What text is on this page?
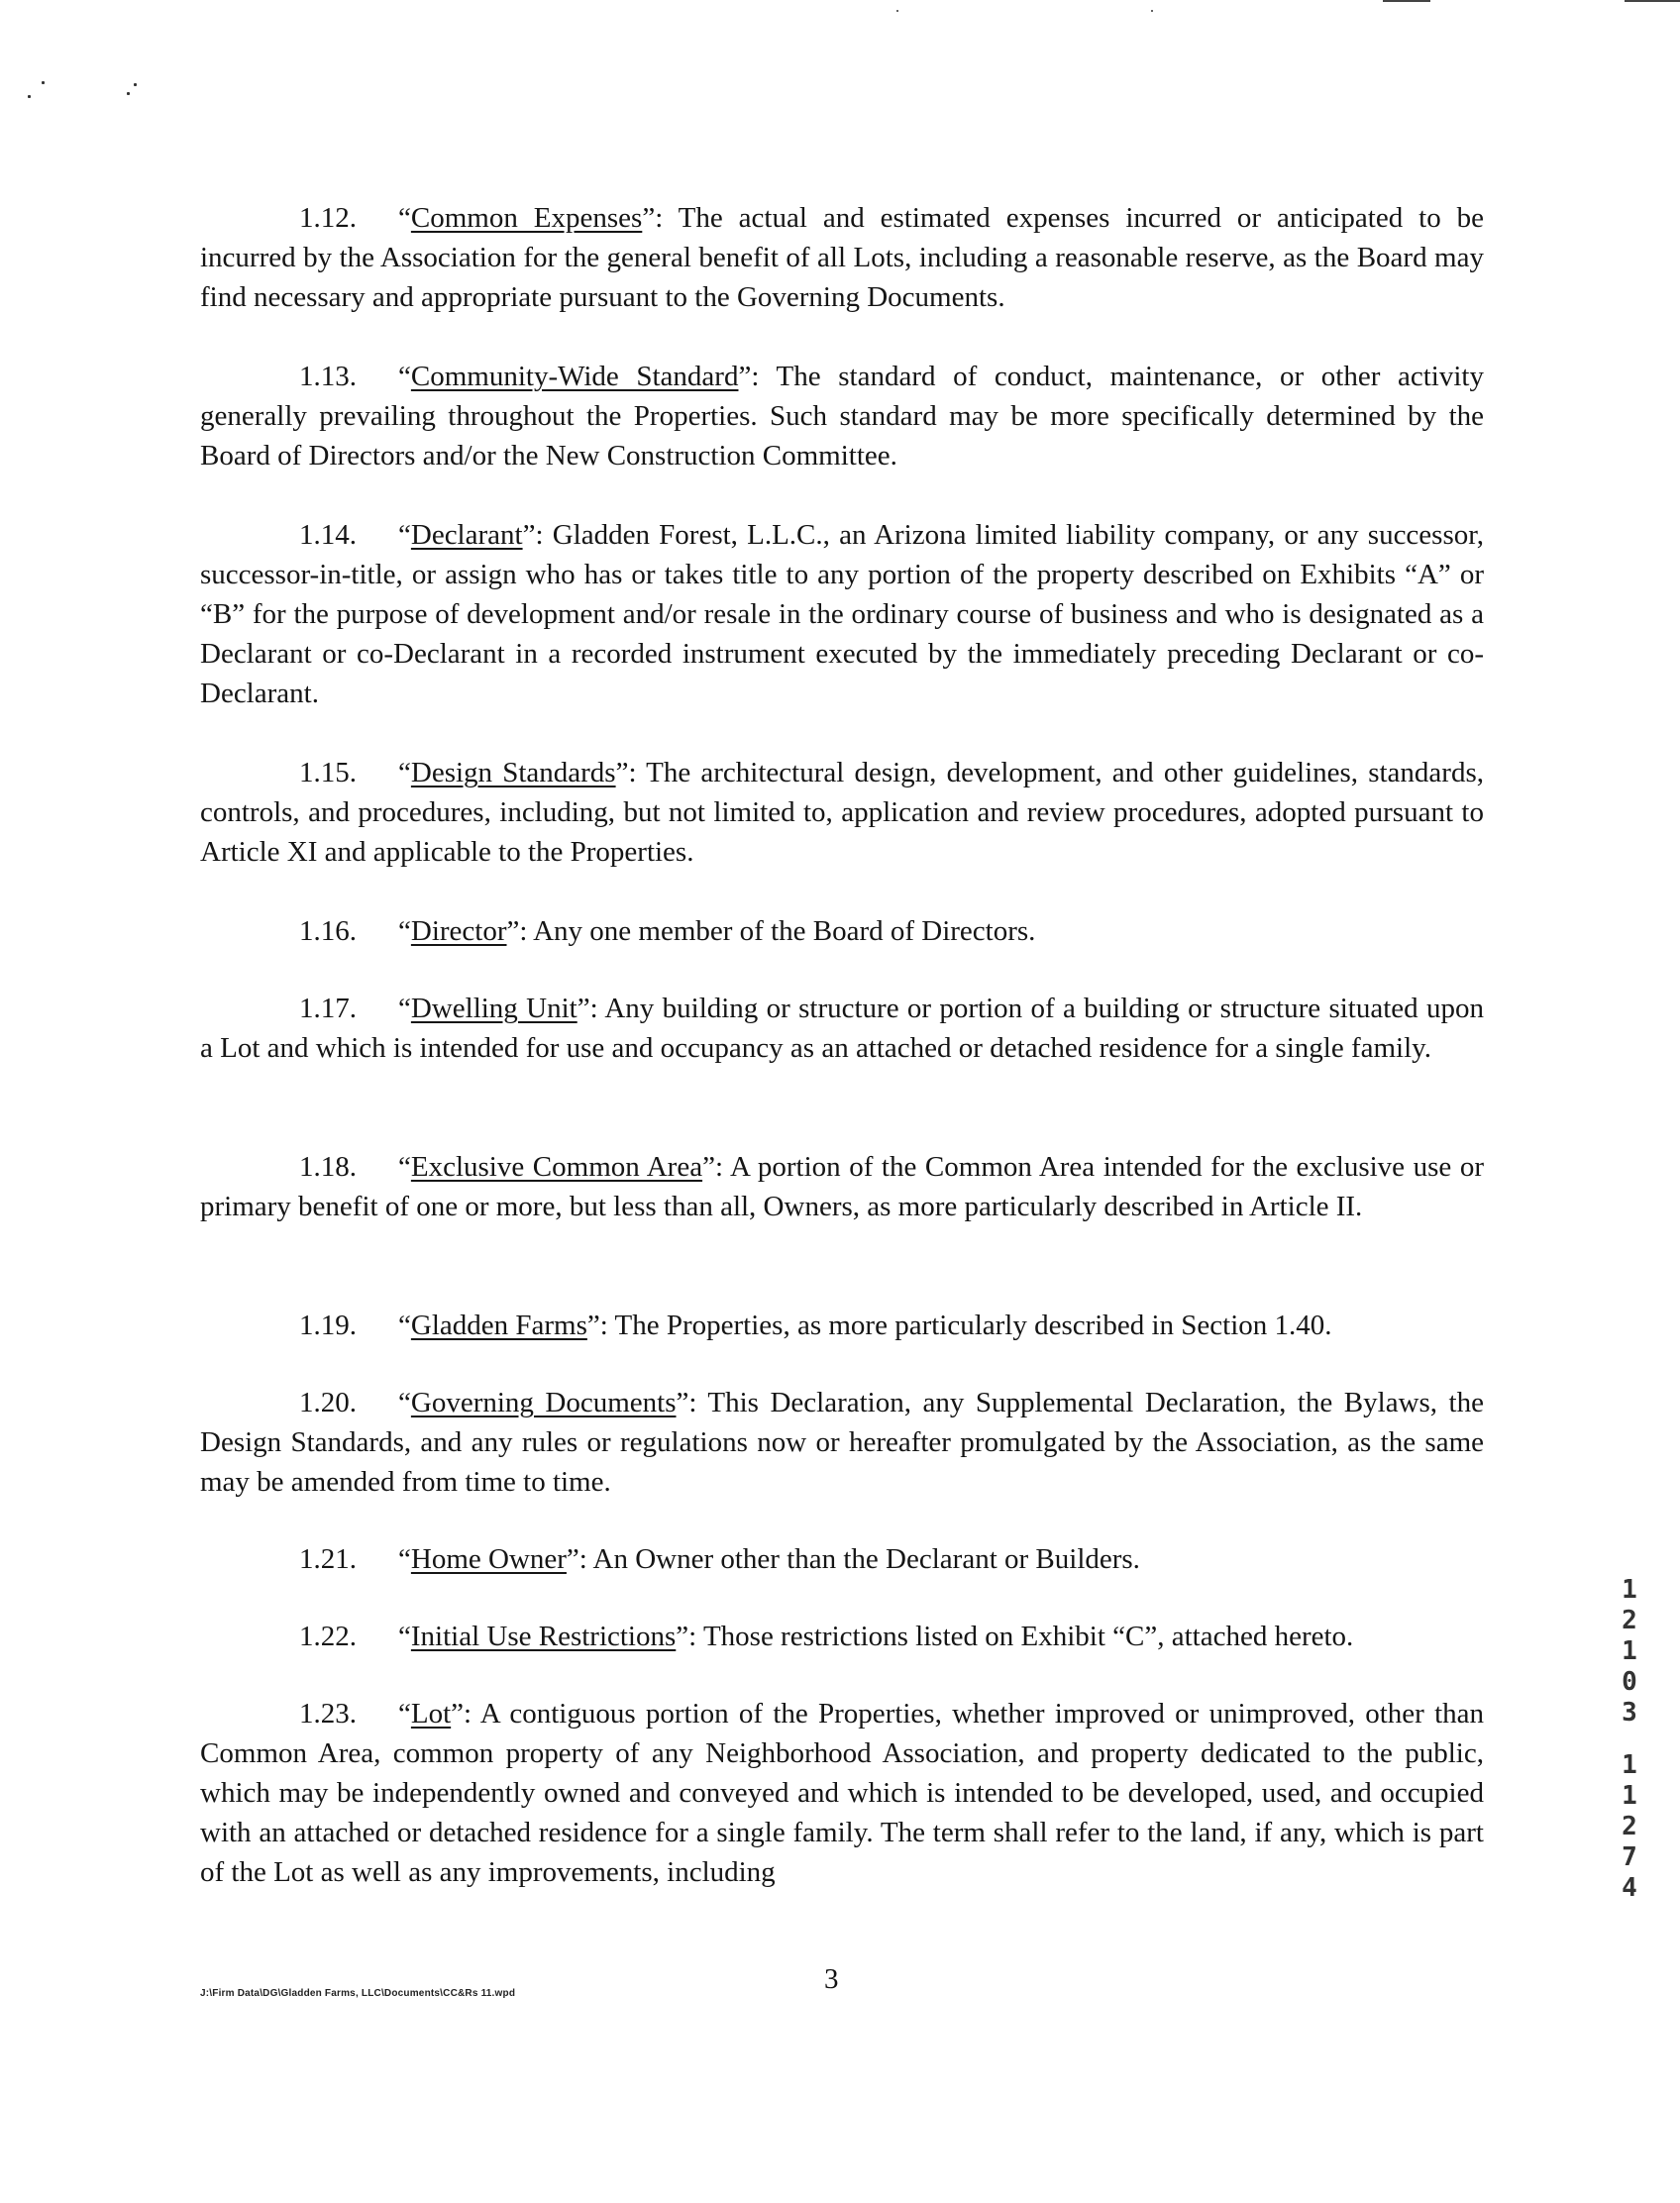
1.12. “Common Expenses”: The actual and estimated expenses incurred or anticipated to be incurred by the Association for the general benefit of all Lots, including a reasonable reserve, as the Board may find necessary and appropriate pursuant to the Governing Documents.

1.13. “Community-Wide Standard”: The standard of conduct, maintenance, or other activity generally prevailing throughout the Properties. Such standard may be more specifically determined by the Board of Directors and/or the New Construction Committee.

1.14. “Declarant”: Gladden Forest, L.L.C., an Arizona limited liability company, or any successor, successor-in-title, or assign who has or takes title to any portion of the property described on Exhibits “A” or “B” for the purpose of development and/or resale in the ordinary course of business and who is designated as a Declarant or co-Declarant in a recorded instrument executed by the immediately preceding Declarant or co-Declarant.

1.15. “Design Standards”: The architectural design, development, and other guidelines, standards, controls, and procedures, including, but not limited to, application and review procedures, adopted pursuant to Article XI and applicable to the Properties.

1.16. “Director”: Any one member of the Board of Directors.

1.17. “Dwelling Unit”: Any building or structure or portion of a building or structure situated upon a Lot and which is intended for use and occupancy as an attached or detached residence for a single family.

1.18. “Exclusive Common Area”: A portion of the Common Area intended for the exclusive use or primary benefit of one or more, but less than all, Owners, as more particularly described in Article II.

1.19. “Gladden Farms”: The Properties, as more particularly described in Section 1.40.

1.20. “Governing Documents”: This Declaration, any Supplemental Declaration, the Bylaws, the Design Standards, and any rules or regulations now or hereafter promulgated by the Association, as the same may be amended from time to time.

1.21. “Home Owner”: An Owner other than the Declarant or Builders.

1.22. “Initial Use Restrictions”: Those restrictions listed on Exhibit “C”, attached hereto.

1.23. “Lot”: A contiguous portion of the Properties, whether improved or unimproved, other than Common Area, common property of any Neighborhood Association, and property dedicated to the public, which may be independently owned and conveyed and which is intended to be developed, used, and occupied with an attached or detached residence for a single family. The term shall refer to the land, if any, which is part of the Lot as well as any improvements, including

J:\Firm Data\DG\Gladden Farms, LLC\Documents\CC&Rs 11.wpd	3
1
2
1
0
3
1
1
2
7
4
